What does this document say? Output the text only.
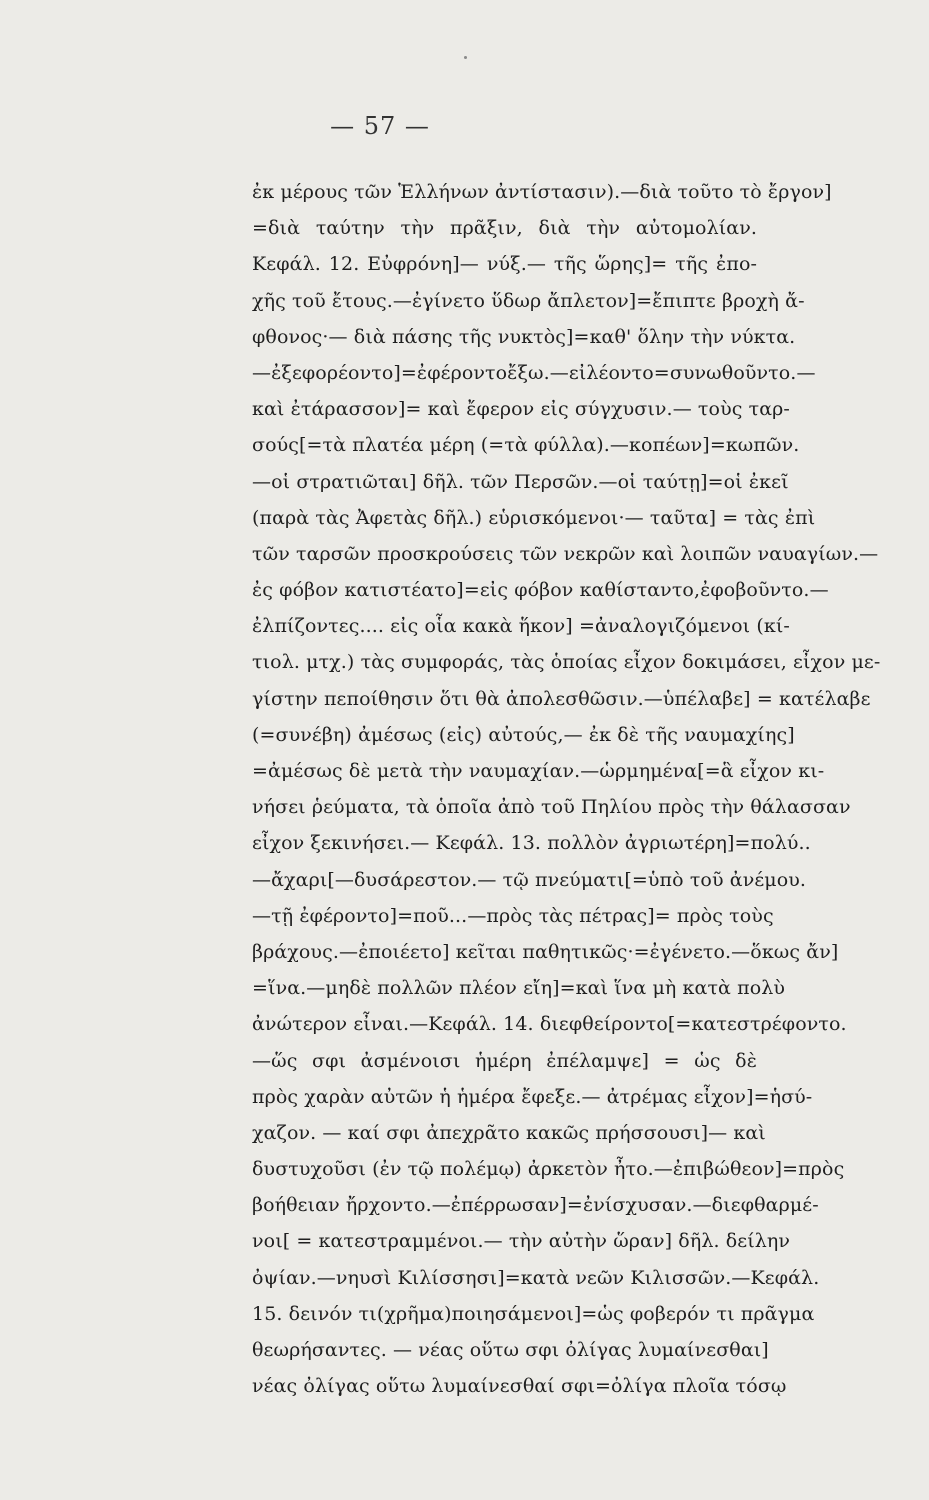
— 57 —
ἐκ μέρους τῶν Ἑλλήνων ἀντίστασιν).—διὰ τοῦτο τὸ ἔργον]
=διὰ ταύτην τὴν πρᾶξιν, διὰ τὴν αὐτομολίαν.
Κεφάλ. 12. Εὐφρόνη]— νύξ.— τῆς ὥρης]= τῆς ἐπο-
χῆς τοῦ ἔτους.—ἐγίνετο ὕδωρ ἄπλετον]=ἔπιπτε βροχὴ ἄ-
φθονος·— διὰ πάσης τῆς νυκτὸς]=καθ' ὅλην τὴν νύκτα.
—ἐξεφορέοντο]=ἐφέροντοἔξω.—εἰλέοντο=συνωθοῦντο.—
καὶ ἐτάρασσον]= καὶ ἔφερον εἰς σύγχυσιν.— τοὺς ταρ-
σούς[=τὰ πλατέα μέρη (=τὰ φύλλα).—κοπέων]=κωπῶν.
—οἱ στρατιῶται] δῆλ. τῶν Περσῶν.—οἱ ταύτῃ]=οἱ ἐκεῖ
(παρὰ τὰς Ἀφετὰς δῆλ.) εὑρισκόμενοι·— ταῦτα] = τὰς ἐπὶ
τῶν ταρσῶν προσκρούσεις τῶν νεκρῶν καὶ λοιπῶν ναυαγίων.—
ἐς φόβον κατιστέατο]=εἰς φόβον καθίσταντο,ἐφοβοῦντο.—
ἐλπίζοντες.... εἰς οἷα κακὰ ἥκον] =ἀναλογιζόμενοι (κί-
τιολ. μτχ.) τὰς συμφοράς, τὰς ὁποίας εἶχον δοκιμάσει, εἶχον με-
γίστην πεποίθησιν ὅτι θὰ ἀπολεσθῶσιν.—ὑπέλαβε] = κατέλαβε
(=συνέβη) ἀμέσως (εἰς) αὐτούς,— ἐκ δὲ τῆς ναυμαχίης]
=ἀμέσως δὲ μετὰ τὴν ναυμαχίαν.—ὡρμημένα[=ἃ εἶχον κι-
νήσει ῥεύματα, τὰ ὁποῖα ἀπὸ τοῦ Πηλίου πρὸς τὴν θάλασσαν
εἶχον ξεκινήσει.— Κεφάλ. 13. πολλὸν ἀγριωτέρη]=πολύ..
—ἄχαρι[—δυσάρεστον.— τῷ πνεύματι[=ὑπὸ τοῦ ἀνέμου.
—τῇ ἐφέροντο]=ποῦ...—πρὸς τὰς πέτρας]= πρὸς τοὺς
βράχους.—ἐποιέετο] κεῖται παθητικῶς·=ἐγένετο.—ὅκως ἄν]
=ἵνα.—μηδὲ πολλῶν πλέον εἴη]=καὶ ἵνα μὴ κατὰ πολὺ
ἀνώτερον εἶναι.—Κεφάλ. 14. διεφθείροντο[=κατεστρέφοντο.
—ὥς σφι ἀσμένοισι ἡμέρη ἐπέλαμψε] = ὡς δὲ
πρὸς χαρὰν αὐτῶν ἡ ἡμέρα ἔφεξε.— ἀτρέμας εἶχον]=ἡσύ-
χαζον. — καί σφι ἀπεχρᾶτο κακῶς πρήσσουσι]— καὶ
δυστυχοῦσι (ἐν τῷ πολέμῳ) ἀρκετὸν ἦτο.—ἐπιβώθεον]=πρὸς
βοήθειαν ἤρχοντο.—ἐπέρρωσαν]=ἐνίσχυσαν.—διεφθαρμέ-
νοι[ = κατεστραμμένοι.— τὴν αὐτὴν ὥραν] δῆλ. δείλην
ὀψίαν.—νηυσὶ Κιλίσσησι]=κατὰ νεῶν Κιλισσῶν.—Κεφάλ.
15. δεινόν τι(χρῆμα)ποιησάμενοι]=ὡς φοβερόν τι πρᾶγμα
θεωρήσαντες. — νέας οὕτω σφι ὀλίγας λυμαίνεσθαι]
νέας ὀλίγας οὕτω λυμαίνεσθαί σφι=ὀλίγα πλοῖα τόσῳ
